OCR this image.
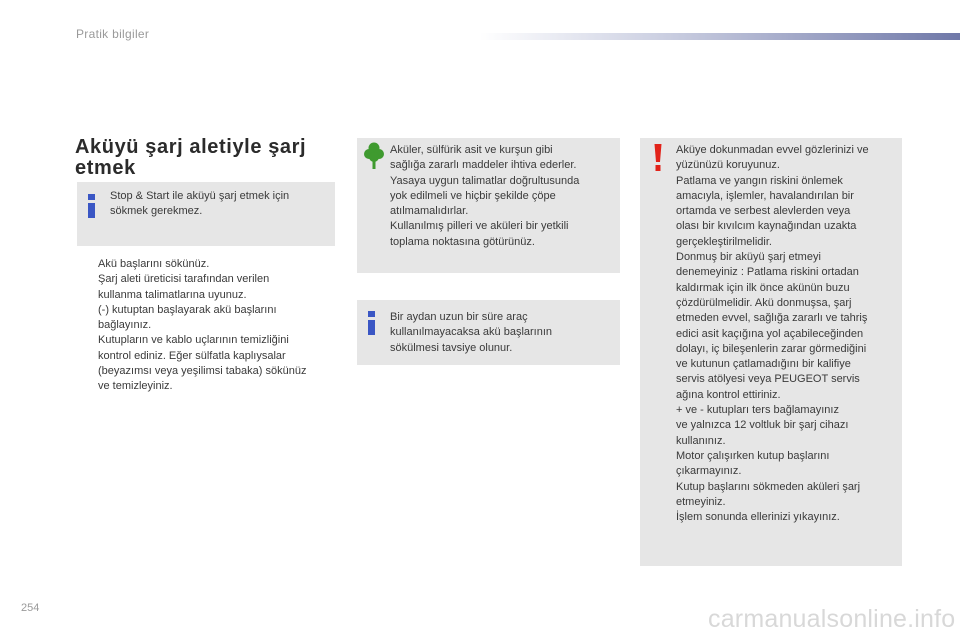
Pratik bilgiler
Aküyü şarj aletiyle şarj
etmek
Stop & Start ile aküyü şarj etmek için
sökmek gerekmez.
Akü başlarını sökünüz.
Şarj aleti üreticisi tarafından verilen
kullanma talimatlarına uyunuz.
(-) kutuptan başlayarak akü başlarını
bağlayınız.
Kutupların ve kablo uçlarının temizliğini
kontrol ediniz. Eğer sülfatla kaplıysalar
(beyazımsı veya yeşilimsi tabaka) sökünüz
ve temizleyiniz.
Aküler, sülfürik asit ve kurşun gibi
sağlığa zararlı maddeler ihtiva ederler.
Yasaya uygun talimatlar doğrultusunda
yok edilmeli ve hiçbir şekilde çöpe
atılmamalıdırlar.
Kullanılmış pilleri ve aküleri bir yetkili
toplama noktasına götürünüz.
Bir aydan uzun bir süre araç
kullanılmayacaksa akü başlarının
sökülmesi tavsiye olunur.
Aküye dokunmadan evvel gözlerinizi ve
yüzünüzü koruyunuz.
Patlama ve yangın riskini önlemek
amacıyla, işlemler, havalandırılan bir
ortamda ve serbest alevlerden veya
olası bir kıvılcım kaynağından uzakta
gerçekleştirilmelidir.
Donmuş bir aküyü şarj etmeyi
denemeyiniz : Patlama riskini ortadan
kaldırmak için ilk önce akünün buzu
çözdürülmelidir. Akü donmuşsa, şarj
etmeden evvel, sağlığa zararlı ve tahriş
edici asit kaçığına yol açabileceğinden
dolayı, iç bileşenlerin zarar görmediğini
ve kutunun çatlamadığını bir kalifiye
servis atölyesi veya PEUGEOT servis
ağına kontrol ettiriniz.
+ ve - kutupları ters bağlamayınız
ve yalnızca 12 voltluk bir şarj cihazı
kullanınız.
Motor çalışırken kutup başlarını
çıkarmayınız.
Kutup başlarını sökmeden aküleri şarj
etmeyiniz.
İşlem sonunda ellerinizi yıkayınız.
254	carmanualsonline.info
